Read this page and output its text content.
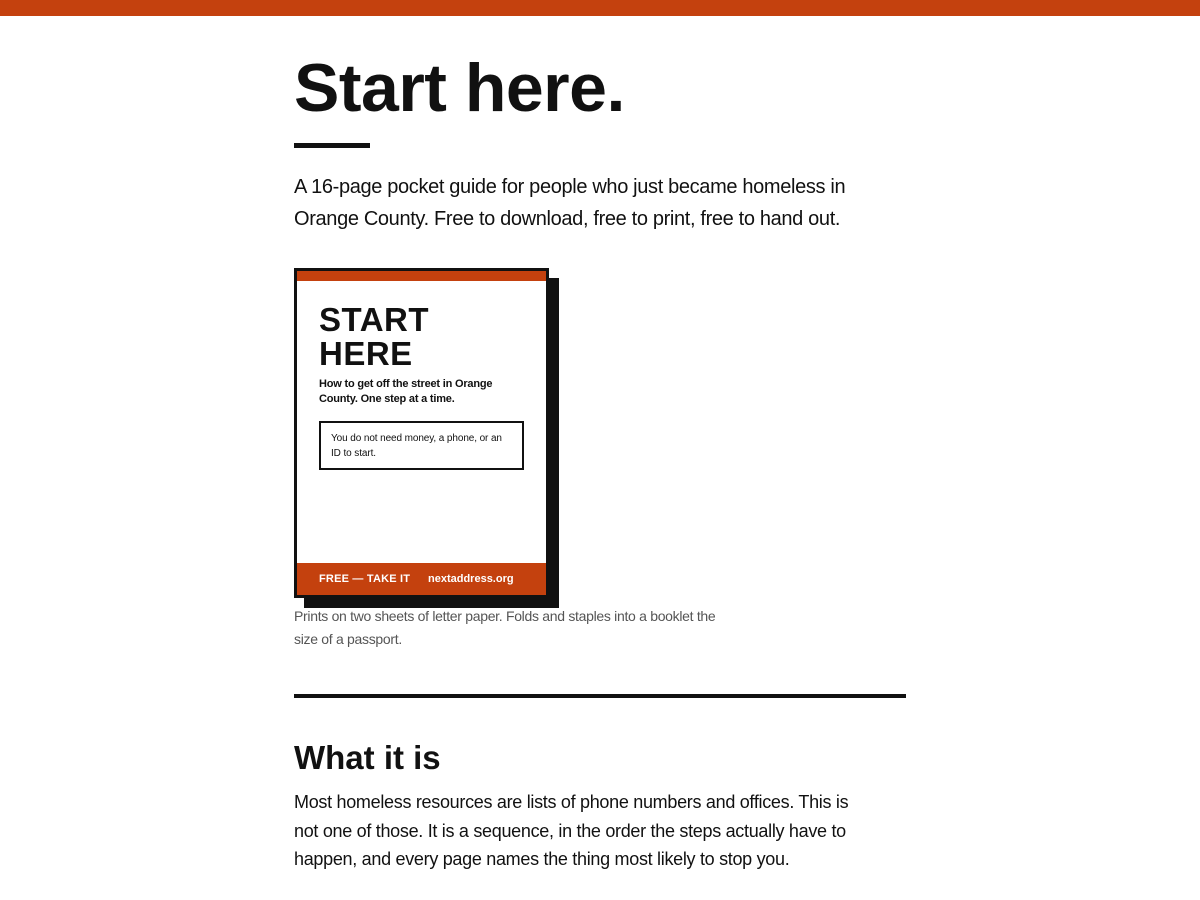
Start here.

A 16-page pocket guide for people who just became homeless in Orange County. Free to download, free to print, free to hand out.

START
HERE

How to get off the street in Orange County. One step at a time.

You do not need money, a phone, or an ID to start.
FREE — TAKE IT nextaddress.org

Prints on two sheets of letter paper. Folds and staples into a booklet the size of a passport.

What it is

Most homeless resources are lists of phone numbers and offices. This is not one of those. It is a sequence, in the order the steps actually have to happen, and every page names the thing most likely to stop you.
